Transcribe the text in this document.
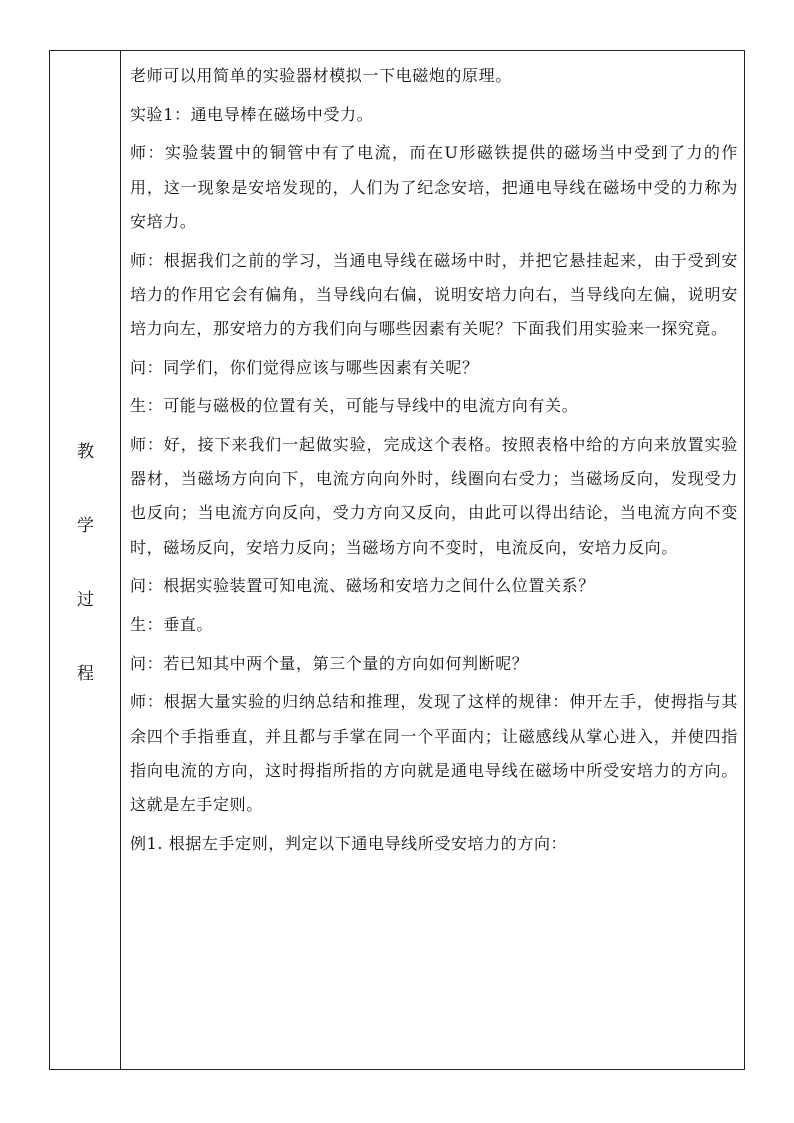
教
学
过
程

老师可以用简单的实验器材模拟一下电磁炮的原理。

实验1：通电导棒在磁场中受力。

师：实验装置中的铜管中有了电流，而在U形磁铁提供的磁场当中受到了力的作用，这一现象是安培发现的，人们为了纪念安培，把通电导线在磁场中受的力称为安培力。

师：根据我们之前的学习，当通电导线在磁场中时，并把它悬挂起来，由于受到安培力的作用它会有偏角，当导线向右偏，说明安培力向右，当导线向左偏，说明安培力向左，那安培力的方我们向与哪些因素有关呢？下面我们用实验来一探究竟。

问：同学们，你们觉得应该与哪些因素有关呢？

生：可能与磁极的位置有关，可能与导线中的电流方向有关。

师：好，接下来我们一起做实验，完成这个表格。按照表格中给的方向来放置实验器材，当磁场方向向下，电流方向向外时，线圈向右受力；当磁场反向，发现受力也反向；当电流方向反向，受力方向又反向，由此可以得出结论，当电流方向不变时，磁场反向，安培力反向；当磁场方向不变时，电流反向，安培力反向。

问：根据实验装置可知电流、磁场和安培力之间什么位置关系？

生：垂直。

问：若已知其中两个量，第三个量的方向如何判断呢？

师：根据大量实验的归纳总结和推理，发现了这样的规律：伸开左手，使拇指与其余四个手指垂直，并且都与手掌在同一个平面内；让磁感线从掌心进入，并使四指指向电流的方向，这时拇指所指的方向就是通电导线在磁场中所受安培力的方向。这就是左手定则。

例1. 根据左手定则，判定以下通电导线所受安培力的方向：
